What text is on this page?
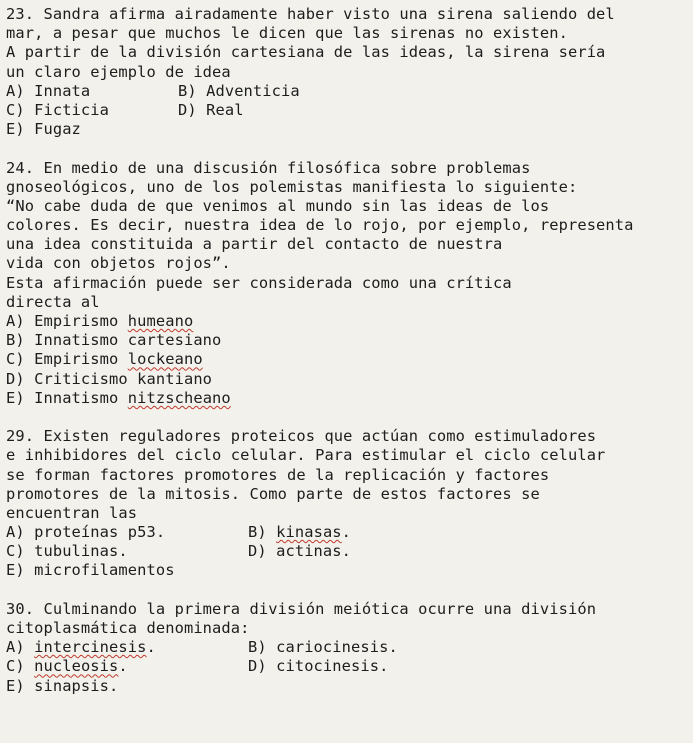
23. Sandra afirma airadamente haber visto una sirena saliendo del
mar, a pesar que muchos le dicen que las sirenas no existen.
A partir de la división cartesiana de las ideas, la sirena sería
un claro ejemplo de idea
A) Innata	B) Adventicia
C) Ficticia	D) Real
E) Fugaz
24. En medio de una discusión filosófica sobre problemas
gnoseológicos, uno de los polemistas manifiesta lo siguiente:
“No cabe duda de que venimos al mundo sin las ideas de los
colores. Es decir, nuestra idea de lo rojo, por ejemplo, representa
una idea constituida a partir del contacto de nuestra
vida con objetos rojos”.
Esta afirmación puede ser considerada como una crítica
directa al
A) Empirismo humeano
B) Innatismo cartesiano
C) Empirismo lockeano
D) Criticismo kantiano
E) Innatismo nitzscheano
29. Existen reguladores proteicos que actúan como estimuladores
e inhibidores del ciclo celular. Para estimular el ciclo celular
se forman factores promotores de la replicación y factores
promotores de la mitosis. Como parte de estos factores se
encuentran las
A) proteínas p53.	B) kinasas.
C) tubulinas.	D) actinas.
E) microfilamentos
30. Culminando la primera división meiótica ocurre una división
citoplasmática denominada:
A) intercinesis.	B) cariocinesis.
C) nucleosis.	D) citocinesis.
E) sinapsis.
